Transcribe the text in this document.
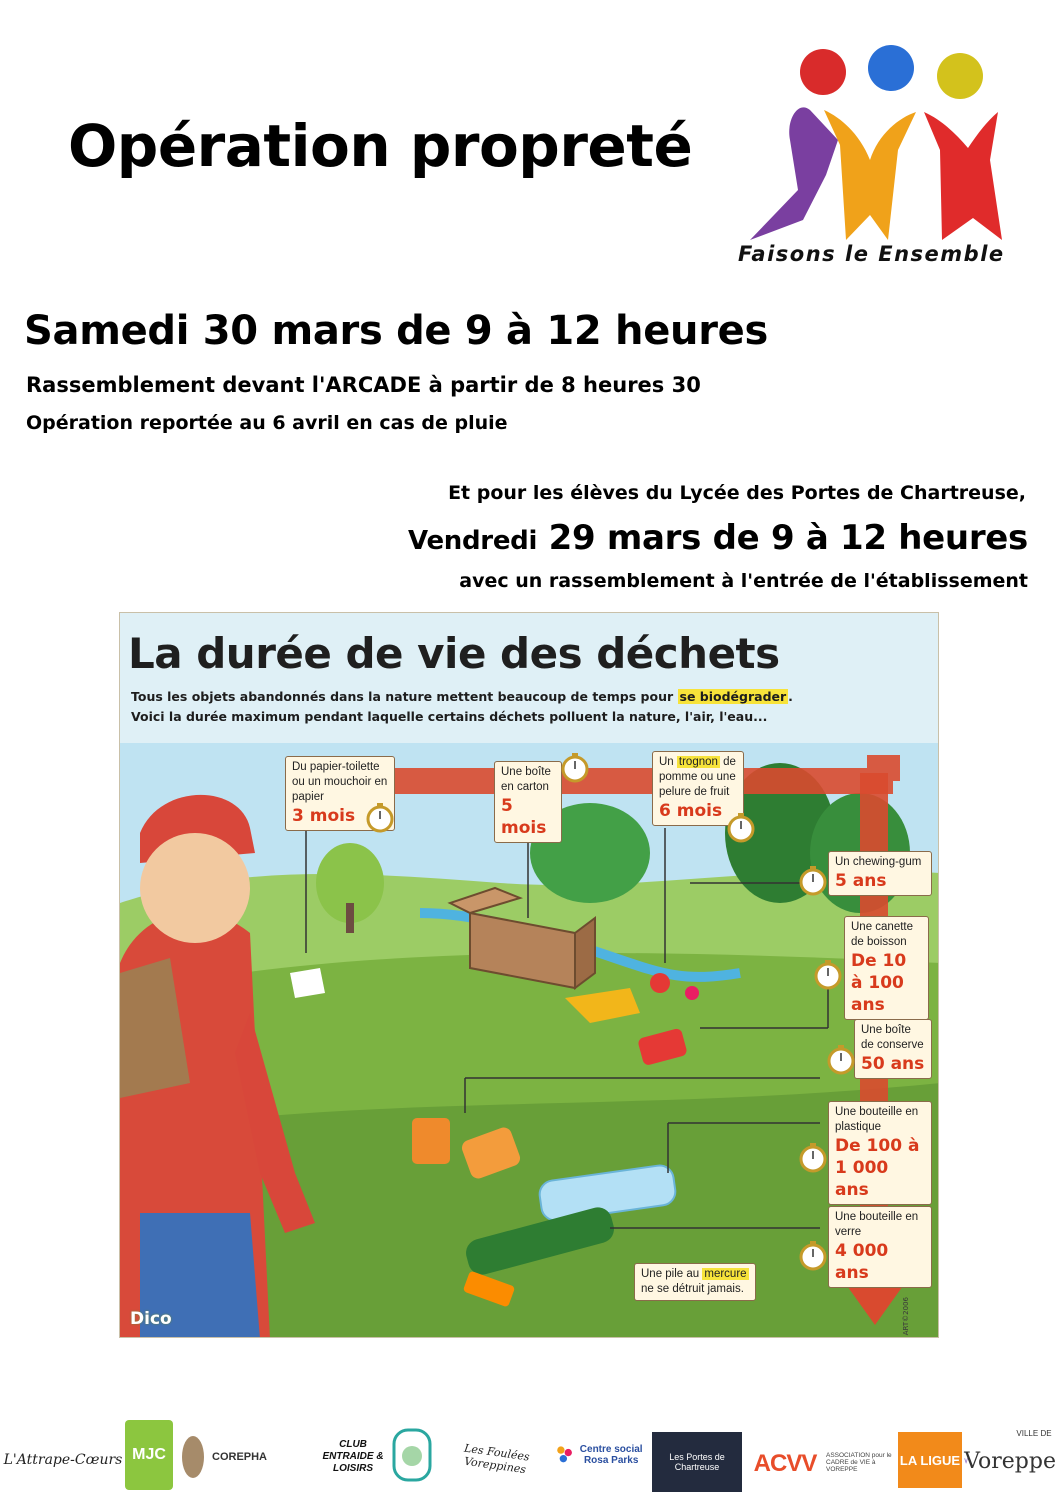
Opération propreté
Faisons le Ensemble
Samedi 30 mars de 9 à 12 heures
Rassemblement devant l'ARCADE à partir de 8 heures 30
Opération reportée au 6 avril en cas de pluie
Et pour les élèves du Lycée des Portes de Chartreuse,
Vendredi 29 mars de 9 à 12 heures
avec un rassemblement à l'entrée de l'établissement
La durée de vie des déchets
Tous les objets abandonnés dans la nature mettent beaucoup de temps pour se biodégrader .
Voici la durée maximum pendant laquelle certains déchets polluent la nature, l'air, l'eau...
Du papier-toilette ou un mouchoir en papier
3 mois
Une boîte en carton
5 mois
Un trognon de pomme ou une pelure de fruit
6 mois
Un chewing-gum
5 ans
Une canette de boisson
De 10 à 100 ans
Une boîte de conserve
50 ans
Une bouteille en plastique
De 100 à 1 000 ans
Une bouteille en verre
4 000 ans
Une pile au mercure ne se détruit jamais.
Dico	ART©2006
L'Attrape-Cœurs MJC	COREPHA
CLUB ENTRAIDE & LOISIRS
Les Foulées Voreppines
Centre social Rosa Parks	Les Portes de Chartreuse	ACVV ASSOCIATION pour le CADRE de VIE à VOREPPE
LA LIGUE Voreppe
VILLE DE
